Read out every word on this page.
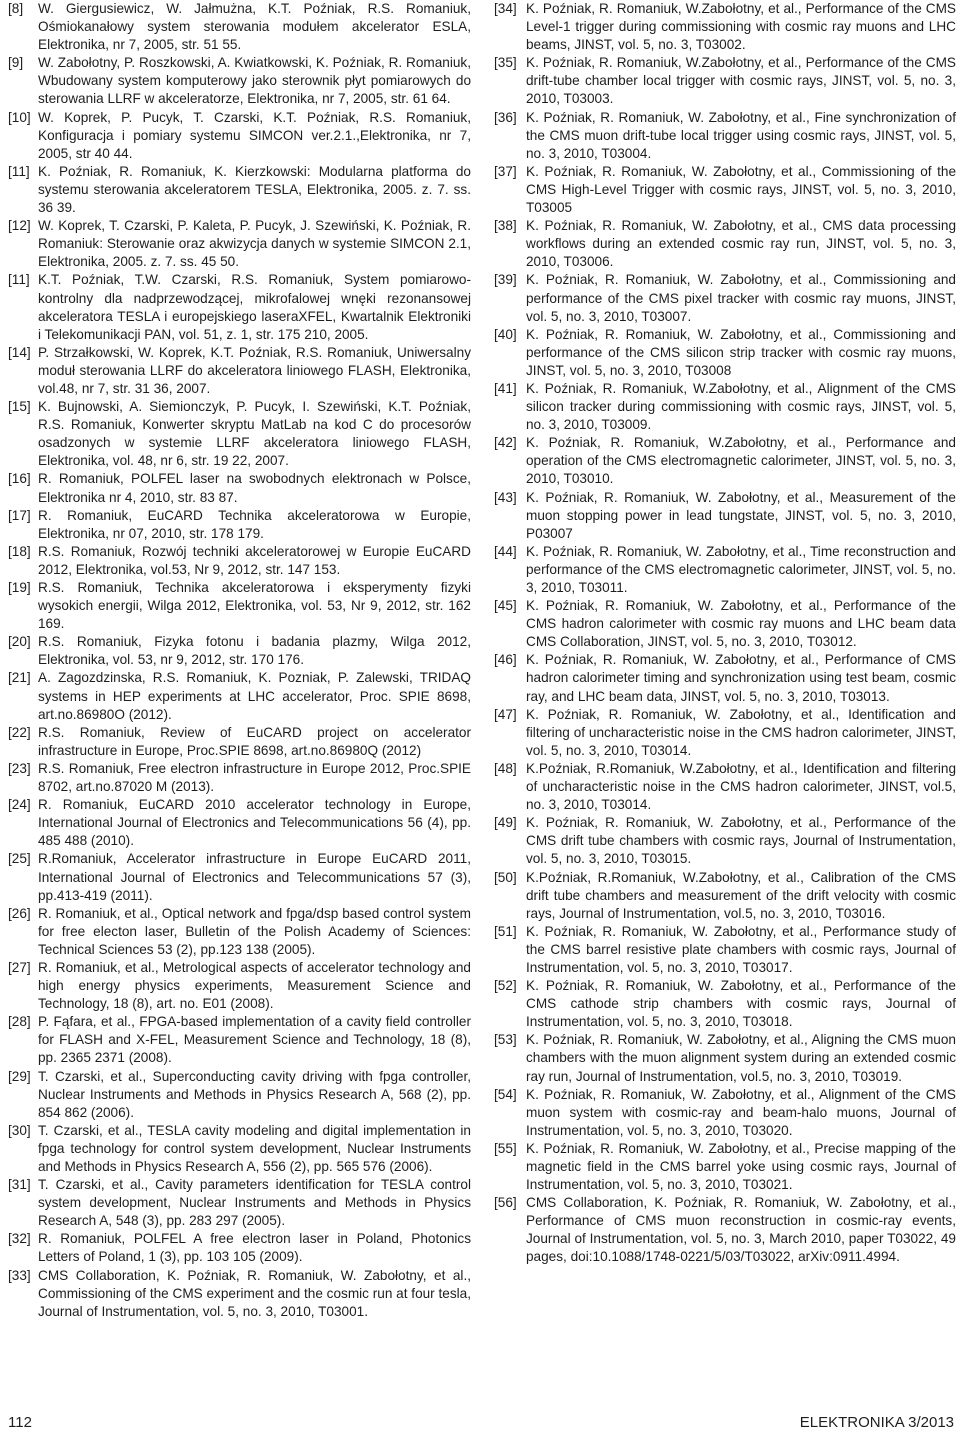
[8]	W. Giergusiewicz, W. Jałmużna, K.T. Poźniak, R.S. Romaniuk, Ośmiokanałowy system sterowania modułem akcelerator ESLA, Elektronika, nr 7, 2005, str. 51 55.
[9]	W. Zabołotny, P. Roszkowski, A. Kwiatkowski, K. Poźniak, R. Romaniuk, Wbudowany system komputerowy jako sterownik płyt pomiarowych do sterowania LLRF w akceleratorze, Elektronika, nr 7, 2005, str. 61 64.
[10] W. Koprek, P. Pucyk, T. Czarski, K.T. Poźniak, R.S. Romaniuk, Konfiguracja i pomiary systemu SIMCON ver.2.1.,Elektronika, nr 7, 2005, str 40 44.
[11] K. Poźniak, R. Romaniuk, K. Kierzkowski: Modularna platforma do systemu sterowania akceleratorem TESLA, Elektronika, 2005. z. 7. ss. 36 39.
[12] W. Koprek, T. Czarski, P. Kaleta, P. Pucyk, J. Szewiński, K. Poźniak, R. Romaniuk: Sterowanie oraz akwizycja danych w systemie SIMCON 2.1, Elektronika, 2005. z. 7. ss. 45 50.
[11] K.T. Poźniak, T.W. Czarski, R.S. Romaniuk, System pomiarowo-kontrolny dla nadprzewodzącej, mikrofalowej wnęki rezonansowej akceleratora TESLA i europejskiego laseraXFEL, Kwartalnik Elektroniki i Telekomunikacji PAN, vol. 51, z. 1, str. 175 210, 2005.
[14] P. Strzałkowski, W. Koprek, K.T. Poźniak, R.S. Romaniuk, Uniwersalny moduł sterowania LLRF do akceleratora liniowego FLASH, Elektronika, vol.48, nr 7, str. 31 36, 2007.
[15] K. Bujnowski, A. Siemionczyk, P. Pucyk, I. Szewiński, K.T. Poźniak, R.S. Romaniuk, Konwerter skryptu MatLab na kod C do procesorów osadzonych w systemie LLRF akceleratora liniowego FLASH, Elektronika, vol. 48, nr 6, str. 19 22, 2007.
[16] R. Romaniuk, POLFEL laser na swobodnych elektronach w Polsce, Elektronika nr 4, 2010, str. 83 87.
[17] R. Romaniuk, EuCARD Technika akceleratorowa w Europie, Elektronika, nr 07, 2010, str. 178 179.
[18] R.S. Romaniuk, Rozwój techniki akceleratorowej w Europie EuCARD 2012, Elektronika, vol.53, Nr 9, 2012, str. 147 153.
[19] R.S. Romaniuk, Technika akceleratorowa i eksperymenty fizyki wysokich energii, Wilga 2012, Elektronika, vol. 53, Nr 9, 2012, str. 162 169.
[20] R.S. Romaniuk, Fizyka fotonu i badania plazmy, Wilga 2012, Elektronika, vol. 53, nr 9, 2012, str. 170 176.
[21] A. Zagozdzinska, R.S. Romaniuk, K. Pozniak, P. Zalewski, TRIDAQ systems in HEP experiments at LHC accelerator, Proc. SPIE 8698, art.no.86980O (2012).
[22] R.S. Romaniuk, Review of EuCARD project on accelerator infrastructure in Europe, Proc.SPIE 8698, art.no.86980Q (2012)
[23] R.S. Romaniuk, Free electron infrastructure in Europe 2012, Proc.SPIE 8702, art.no.87020 M (2013).
[24] R. Romaniuk, EuCARD 2010 accelerator technology in Europe, International Journal of Electronics and Telecommunications 56 (4), pp. 485 488 (2010).
[25] R.Romaniuk, Accelerator infrastructure in Europe EuCARD 2011, International Journal of Electronics and Telecommunications 57 (3), pp.413-419 (2011).
[26] R. Romaniuk, et al., Optical network and fpga/dsp based control system for free electon laser, Bulletin of the Polish Academy of Sciences: Technical Sciences 53 (2), pp.123 138 (2005).
[27] R. Romaniuk, et al., Metrological aspects of accelerator technology and high energy physics experiments, Measurement Science and Technology, 18 (8), art. no. E01 (2008).
[28] P. Fąfara, et al., FPGA-based implementation of a cavity field controller for FLASH and X-FEL, Measurement Science and Technology, 18 (8), pp. 2365 2371 (2008).
[29] T. Czarski, et al., Superconducting cavity driving with fpga controller, Nuclear Instruments and Methods in Physics Research A, 568 (2), pp. 854 862 (2006).
[30] T. Czarski, et al., TESLA cavity modeling and digital implementation in fpga technology for control system development, Nuclear Instruments and Methods in Physics Research A, 556 (2), pp. 565 576 (2006).
[31] T. Czarski, et al., Cavity parameters identification for TESLA control system development, Nuclear Instruments and Methods in Physics Research A, 548 (3), pp. 283 297 (2005).
[32] R. Romaniuk, POLFEL A free electron laser in Poland, Photonics Letters of Poland, 1 (3), pp. 103 105 (2009).
[33] CMS Collaboration, K. Poźniak, R. Romaniuk, W. Zabołotny, et al., Commissioning of the CMS experiment and the cosmic run at four tesla, Journal of Instrumentation, vol. 5, no. 3, 2010, T03001.
[34] K. Poźniak, R. Romaniuk, W.Zabołotny, et al., Performance of the CMS Level-1 trigger during commissioning with cosmic ray muons and LHC beams, JINST, vol. 5, no. 3, T03002.
[35] K. Poźniak, R. Romaniuk, W.Zabołotny, et al., Performance of the CMS drift-tube chamber local trigger with cosmic rays, JINST, vol. 5, no. 3, 2010, T03003.
[36] K. Poźniak, R. Romaniuk, W. Zabołotny, et al., Fine synchronization of the CMS muon drift-tube local trigger using cosmic rays, JINST, vol. 5, no. 3, 2010, T03004.
[37] K. Poźniak, R. Romaniuk, W. Zabołotny, et al., Commissioning of the CMS High-Level Trigger with cosmic rays, JINST, vol. 5, no. 3, 2010, T03005
[38] K. Poźniak, R. Romaniuk, W. Zabołotny, et al., CMS data processing workflows during an extended cosmic ray run, JINST, vol. 5, no. 3, 2010, T03006.
[39] K. Poźniak, R. Romaniuk, W. Zabołotny, et al., Commissioning and performance of the CMS pixel tracker with cosmic ray muons, JINST, vol. 5, no. 3, 2010, T03007.
[40] K. Poźniak, R. Romaniuk, W. Zabołotny, et al., Commissioning and performance of the CMS silicon strip tracker with cosmic ray muons, JINST, vol. 5, no. 3, 2010, T03008
[41] K. Poźniak, R. Romaniuk, W.Zabołotny, et al., Alignment of the CMS silicon tracker during commissioning with cosmic rays, JINST, vol. 5, no. 3, 2010, T03009.
[42] K. Poźniak, R. Romaniuk, W.Zabołotny, et al., Performance and operation of the CMS electromagnetic calorimeter, JINST, vol. 5, no. 3, 2010, T03010.
[43] K. Poźniak, R. Romaniuk, W. Zabołotny, et al., Measurement of the muon stopping power in lead tungstate, JINST, vol. 5, no. 3, 2010, P03007
[44] K. Poźniak, R. Romaniuk, W. Zabołotny, et al., Time reconstruction and performance of the CMS electromagnetic calorimeter, JINST, vol. 5, no. 3, 2010, T03011.
[45] K. Poźniak, R. Romaniuk, W. Zabołotny, et al., Performance of the CMS hadron calorimeter with cosmic ray muons and LHC beam data CMS Collaboration, JINST, vol. 5, no. 3, 2010, T03012.
[46] K. Poźniak, R. Romaniuk, W. Zabołotny, et al., Performance of CMS hadron calorimeter timing and synchronization using test beam, cosmic ray, and LHC beam data, JINST, vol. 5, no. 3, 2010, T03013.
[47] K. Poźniak, R. Romaniuk, W. Zabołotny, et al., Identification and filtering of uncharacteristic noise in the CMS hadron calorimeter, JINST, vol. 5, no. 3, 2010, T03014.
[48] K.Poźniak, R.Romaniuk, W.Zabołotny, et al., Identification and filtering of uncharacteristic noise in the CMS hadron calorimeter, JINST, vol.5, no. 3, 2010, T03014.
[49] K. Poźniak, R. Romaniuk, W. Zabołotny, et al., Performance of the CMS drift tube chambers with cosmic rays, Journal of Instrumentation, vol. 5, no. 3, 2010, T03015.
[50] K.Poźniak, R.Romaniuk, W.Zabołotny, et al., Calibration of the CMS drift tube chambers and measurement of the drift velocity with cosmic rays, Journal of Instrumentation, vol.5, no. 3, 2010, T03016.
[51] K. Poźniak, R. Romaniuk, W. Zabołotny, et al., Performance study of the CMS barrel resistive plate chambers with cosmic rays, Journal of Instrumentation, vol. 5, no. 3, 2010, T03017.
[52] K. Poźniak, R. Romaniuk, W. Zabołotny, et al., Performance of the CMS cathode strip chambers with cosmic rays, Journal of Instrumentation, vol. 5, no. 3, 2010, T03018.
[53] K. Poźniak, R. Romaniuk, W. Zabołotny, et al., Aligning the CMS muon chambers with the muon alignment system during an extended cosmic ray run, Journal of Instrumentation, vol.5, no. 3, 2010, T03019.
[54] K. Poźniak, R. Romaniuk, W. Zabołotny, et al., Alignment of the CMS muon system with cosmic-ray and beam-halo muons, Journal of Instrumentation, vol. 5, no. 3, 2010, T03020.
[55] K. Poźniak, R. Romaniuk, W. Zabołotny, et al., Precise mapping of the magnetic field in the CMS barrel yoke using cosmic rays, Journal of Instrumentation, vol. 5, no. 3, 2010, T03021.
[56] CMS Collaboration, K. Poźniak, R. Romaniuk, W. Zabołotny, et al., Performance of CMS muon reconstruction in cosmic-ray events, Journal of Instrumentation, vol. 5, no. 3, March 2010, paper T03022, 49 pages, doi:10.1088/1748-0221/5/03/T03022, arXiv:0911.4994.
112	ELEKTRONIKA 3/2013
